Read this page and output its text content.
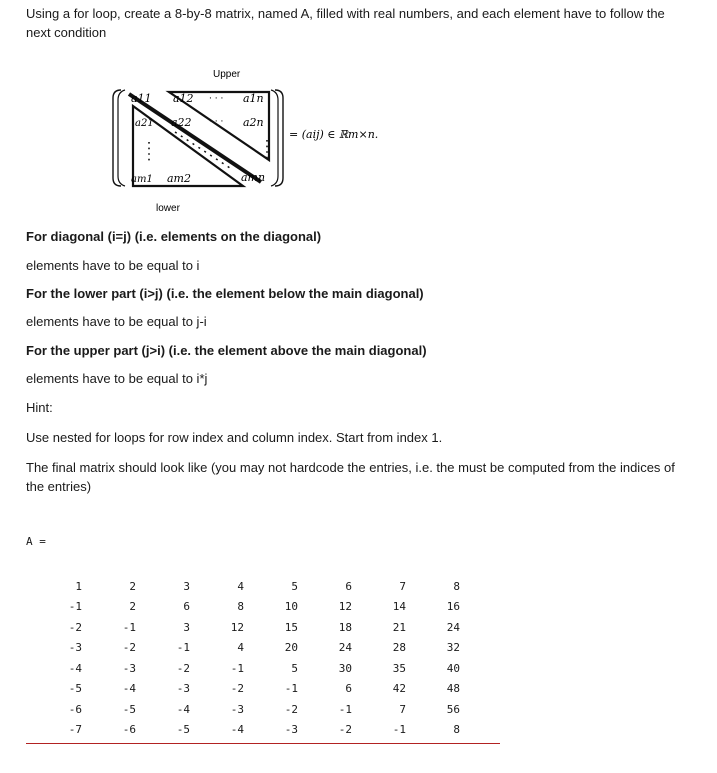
Using a for loop, create a 8-by-8 matrix, named A, filled with real numbers, and each element have to follow the next condition

Upper
a11 a12 · · · a1n
a21 a22 · · · a2n
am1 am2	amn
= (aij) ∈ ℝm×n.
lower

For diagonal (i=j) (i.e. elements on the diagonal)

elements have to be equal to i

For the lower part (i>j) (i.e. the element below the main diagonal)

elements have to be equal to j-i

For the upper part (j>i) (i.e. the element above the main diagonal)

elements have to be equal to i*j

Hint:

Use nested for loops for row index and column index. Start from index 1.

The final matrix should look like (you may not hardcode the entries, i.e. the must be computed from the indices of the entries)

A =
1	2	3	4	5	6	7	8
-1	2	6	8	10	12	14	16
-2	-1	3	12	15	18	21	24
-3	-2	-1	4	20	24	28	32
-4	-3	-2	-1	5	30	35	40
-5	-4	-3	-2	-1	6	42	48
-6	-5	-4	-3	-2	-1	7	56
-7	-6	-5	-4	-3	-2	-1	8
